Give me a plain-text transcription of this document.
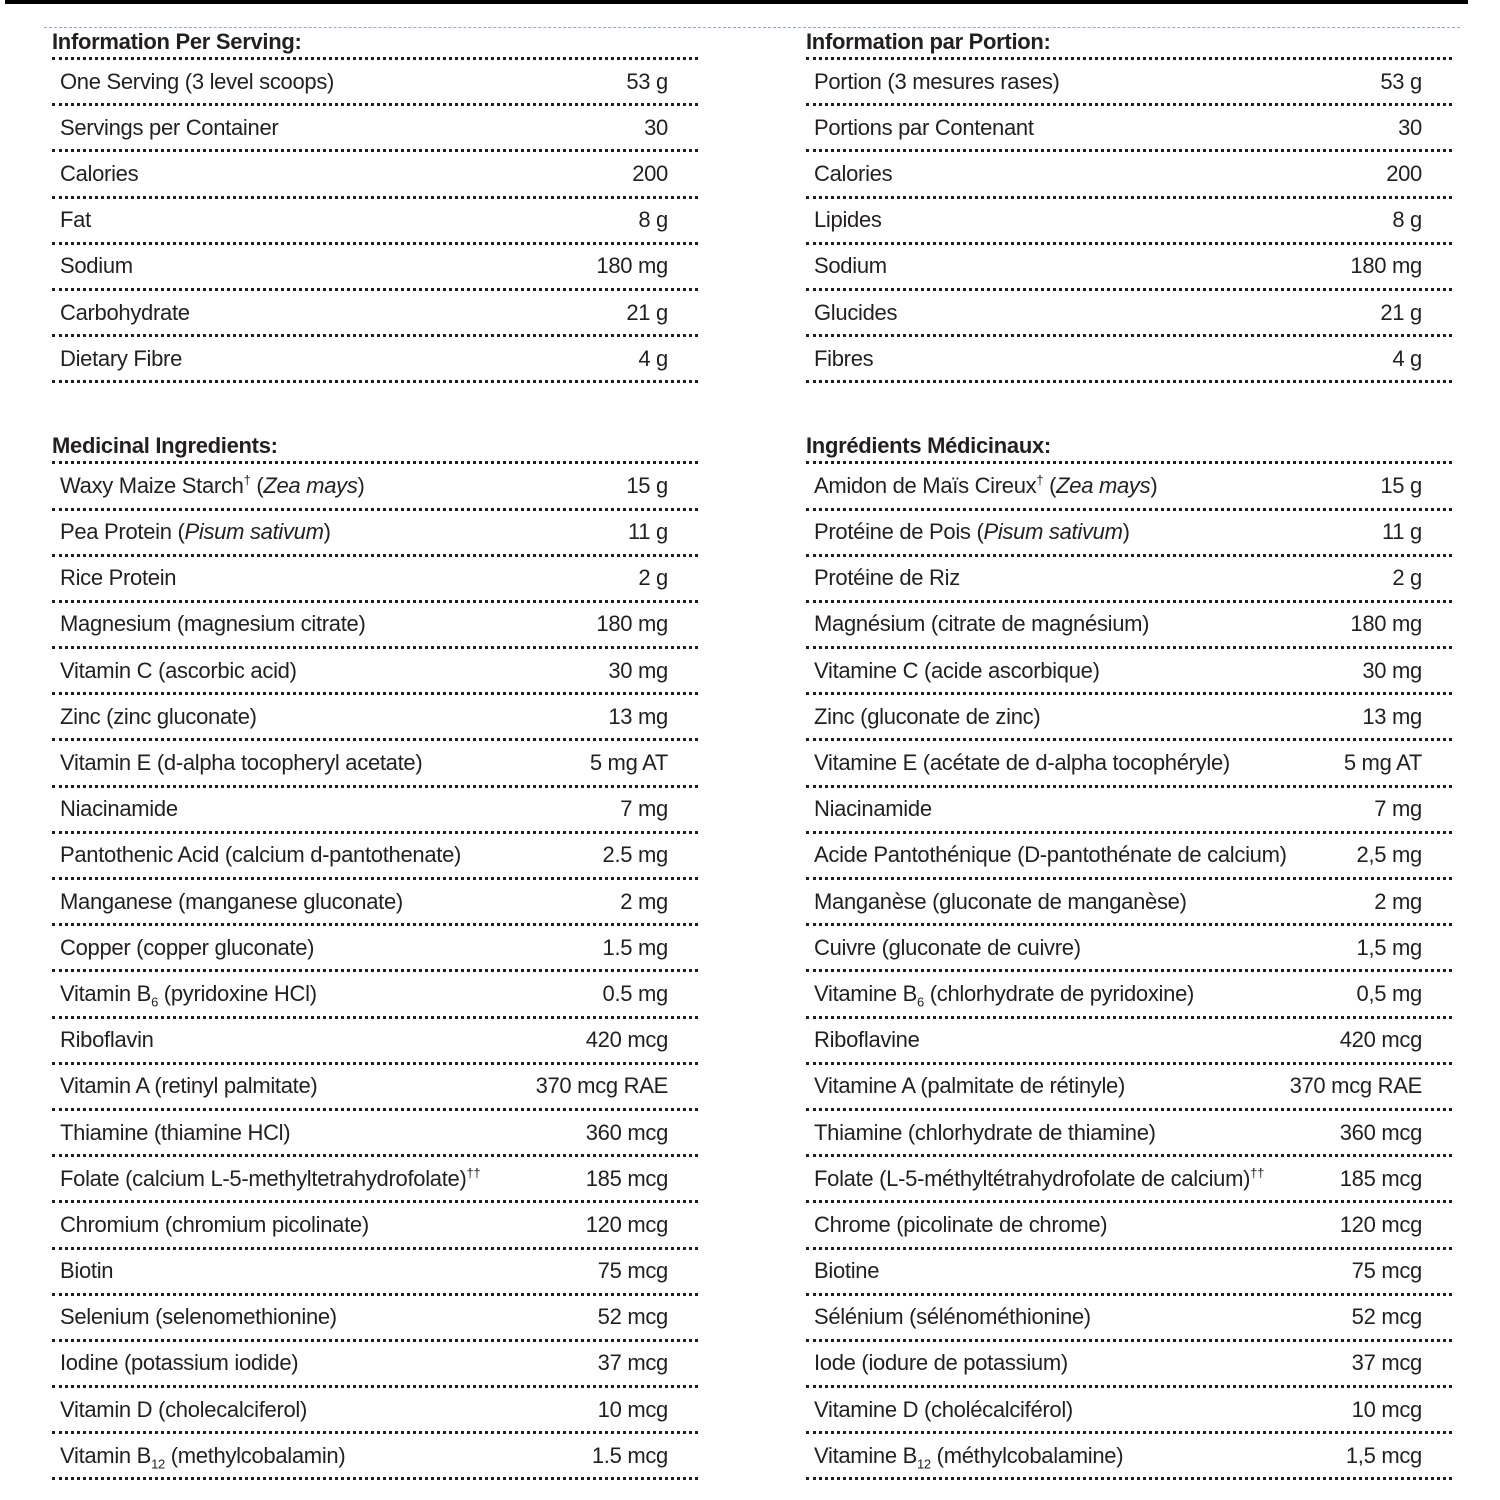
Information Per Serving:
One Serving (3 level scoops)	53 g
Servings per Container	30
Calories	200
Fat	8 g
Sodium	180 mg
Carbohydrate	21 g
Dietary Fibre	4 g
Medicinal Ingredients:
Waxy Maize Starch† (Zea mays)	15 g
Pea Protein (Pisum sativum)	11 g
Rice Protein	2 g
Magnesium (magnesium citrate)	180 mg
Vitamin C (ascorbic acid)	30 mg
Zinc (zinc gluconate)	13 mg
Vitamin E (d-alpha tocopheryl acetate)	5 mg AT
Niacinamide	7 mg
Pantothenic Acid (calcium d-pantothenate)	2.5 mg
Manganese (manganese gluconate)	2 mg
Copper (copper gluconate)	1.5 mg
Vitamin $B_6$ (pyridoxine HCl)	0.5 mg
Riboflavin	420 mcg
Vitamin A (retinyl palmitate)	370 mcg RAE
Thiamine (thiamine HCl)	360 mcg
Folate (calcium L-5-methyltetrahydrofolate)††	185 mcg
Chromium (chromium picolinate)	120 mcg
Biotin	75 mcg
Selenium (selenomethionine)	52 mcg
Iodine (potassium iodide)	37 mcg
Vitamin D (cholecalciferol)	10 mcg
Vitamin $B_{12}$ (methylcobalamin)	1.5 mcg
Information par Portion:
Portion (3 mesures rases)	53 g
Portions par Contenant	30
Calories	200
Lipides	8 g
Sodium	180 mg
Glucides	21 g
Fibres	4 g
Ingrédients Médicinaux:
Amidon de Maïs Cireux† (Zea mays)	15 g
Protéine de Pois (Pisum sativum)	11 g
Protéine de Riz	2 g
Magnésium (citrate de magnésium)	180 mg
Vitamine C (acide ascorbique)	30 mg
Zinc (gluconate de zinc)	13 mg
Vitamine E (acétate de d-alpha tocophéryle)	5 mg AT
Niacinamide	7 mg
Acide Pantothénique (D-pantothénate de calcium)	2,5 mg
Manganèse (gluconate de manganèse)	2 mg
Cuivre (gluconate de cuivre)	1,5 mg
Vitamine $B_6$ (chlorhydrate de pyridoxine)	0,5 mg
Riboflavine	420 mcg
Vitamine A (palmitate de rétinyle)	370 mcg RAE
Thiamine (chlorhydrate de thiamine)	360 mcg
Folate (L-5-méthyltétrahydrofolate de calcium)††	185 mcg
Chrome (picolinate de chrome)	120 mcg
Biotine	75 mcg
Sélénium (sélénométhionine)	52 mcg
Iode (iodure de potassium)	37 mcg
Vitamine D (cholécalciférol)	10 mcg
Vitamine $B_{12}$ (méthylcobalamine)	1,5 mcg
